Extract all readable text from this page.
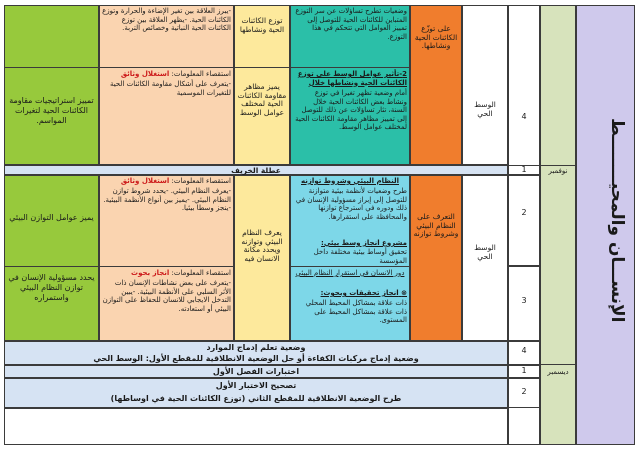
الإنســـان والمحيــــــــط
نوفمبر
ديسمبر
4
1
2
3
4
1
2
الوسط الحي
الوسط الحي
على توزّع الكائنات الحية ونشاطها.
وضعيات تطرح تساؤلات عن سر التوزع المتباين للكائنات الحية للتوصل إلى تمييز العوامل التي تتحكم في هذا التوزع.
2-تأثير عوامل الوسط على توزع الكائنات الحية ونشاطها خلال
أمام وضعية تظهر تغيرا في توزع ونشاط بعض الكائنات الحية خلال السنة، تثار تساؤلات عن ذلك للتوصل إلى تمييز مظاهر مقاومة الكائنات الحية لمختلف عوامل الوسط.
توزع الكائنات الحية ونشاطها
يميز مظاهر مقاومة الكائنات الحية لمختلف عوامل الوسط
-يبرز العلاقة بين تغير الإضاءة والحرارة وتوزع الكائنات الحية. -يظهر العلاقة بين توزع الكائنات الحية النباتية وخصائص التربة.
استقصاء المعلومات: استغلال وثائق
-يتعرف على أشكال مقاومة الكائنات الحية للتغيرات الموسمية
تمييز استراتيجيات مقاومة الكائنات الحية لتغيرات المواسم.
عطلة الخريف
التعرف على النظام البيئي وشروط توازنه
النظام البيئي وشروط توازنه
طرح وضعيات لأنظمة بيئية متوازنة للتوصل إلى إبراز مسؤولية الإنسان في ذلك ودوره في استرجاع توازنها والمحافظة على استقرارها.
مشروع انجاز وسط بيئي:
تحقيق أوساط بيئية مختلفة داخل المؤسسة
يعرف النظام البيئي وتوازنه ويحدد مكانة الانسان فيه
استقصاء المعلومات: استغلال وثائق
-يعرف النظام البيئي. -يحدد شروط توازن النظام البيئي. -يميز بين أنواع الأنظمة البيئية. -ينجز وسطا بيئيا.
يميز عوامل التوازن البيئي
دور الانسان في استقرار النظام البيئي
⊗ انجاز تحقيقات وبحوث:
ذات علاقة بمشاكل المحيط المحلي ذات علاقة بمشاكل المحيط على المستوى.
استقصاء المعلومات: انجاز بحوث
-يتعرف على بعض نشاطات الإنسان ذات الأثر السلبي على الأنظمة البيئية. -يبين التدخل الايجابي للانسان للحفاظ على التوازن البيئي أو استعادته.
يحدد مسؤولية الإنسان في توازن النظام البيئي واستمراره
وضعية تعلم إدماج الموارد
وضعية إدماج مركبات الكفاءة أو حل الوضعية الانطلاقية للمقطع الأول: الوسط الحي
اختبارات الفصل الأول
تصحيح الاختبار الأول
طرح الوضعية الانطلاقية للمقطع الثاني (توزع الكائنات الحية في اوساطها)
